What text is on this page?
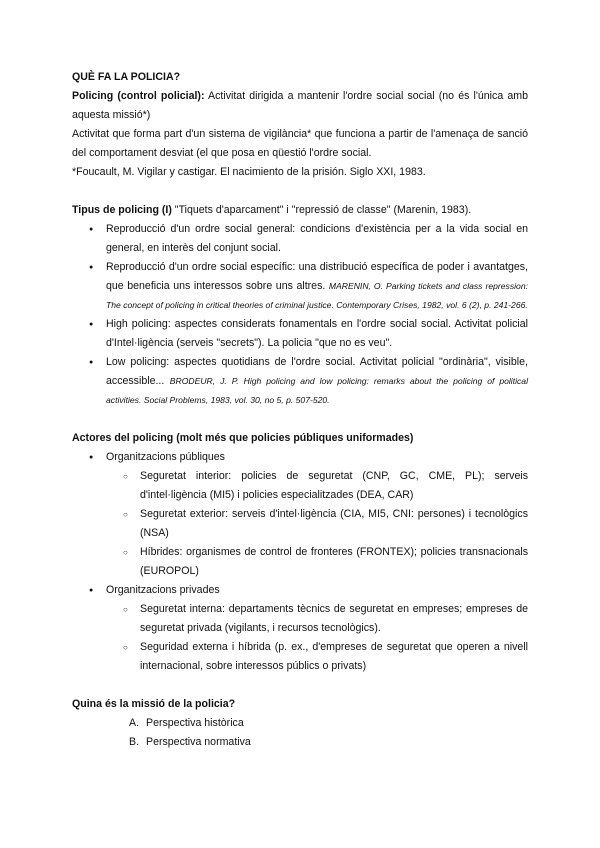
QUÈ FA LA POLICIA?

Policing (control policial): Activitat dirigida a mantenir l'ordre social social (no és l'única amb aquesta missió*)

Activitat que forma part d'un sistema de vigilància* que funciona a partir de l'amenaça de sanció del comportament desviat (el que posa en qüestió l'ordre social.

*Foucault, M. Vigilar y castigar. El nacimiento de la prisión. Siglo XXI, 1983.

Tipus de policing (I) "Tiquets d'aparcament" i "repressió de classe" (Marenin, 1983).

● Reproducció d'un ordre social general: condicions d'existència per a la vida social en general, en interès del conjunt social.
● Reproducció d'un ordre social específic: una distribució específica de poder i avantatges, que beneficia uns interessos sobre uns altres. MARENIN, O. Parking tickets and class repression: The concept of policing in critical theories of criminal justice. Contemporary Crises, 1982, vol. 6 (2), p. 241-266.
● High policing: aspectes considerats fonamentals en l'ordre social social. Activitat policial d'Intel·ligència (serveis "secrets"). La policia "que no es veu".
● Low policing: aspectes quotidians de l'ordre social. Activitat policial "ordinària", visible, accessible... BRODEUR, J. P. High policing and low policing: remarks about the policing of political activities. Social Problems, 1983, vol. 30, no 5, p. 507-520.

Actores del policing (molt més que policies públiques uniformades)

● Organitzacions públiques
○ Seguretat interior: policies de seguretat (CNP, GC, CME, PL); serveis d'intel·ligència (MI5) i policies especialitzades (DEA, CAR)
○ Seguretat exterior: serveis d'intel·ligència (CIA, MI5, CNI: persones) i tecnològics (NSA)
○ Híbrides: organismes de control de fronteres (FRONTEX); policies transnacionals (EUROPOL)
● Organitzacions privades
○ Seguretat interna: departaments tècnics de seguretat en empreses; empreses de seguretat privada (vigilants, i recursos tecnològics).
○ Seguridad externa i híbrida (p. ex., d'empreses de seguretat que operen a nivell internacional, sobre interessos públics o privats)

Quina és la missió de la policia?

A. Perspectiva històrica
B. Perspectiva normativa
